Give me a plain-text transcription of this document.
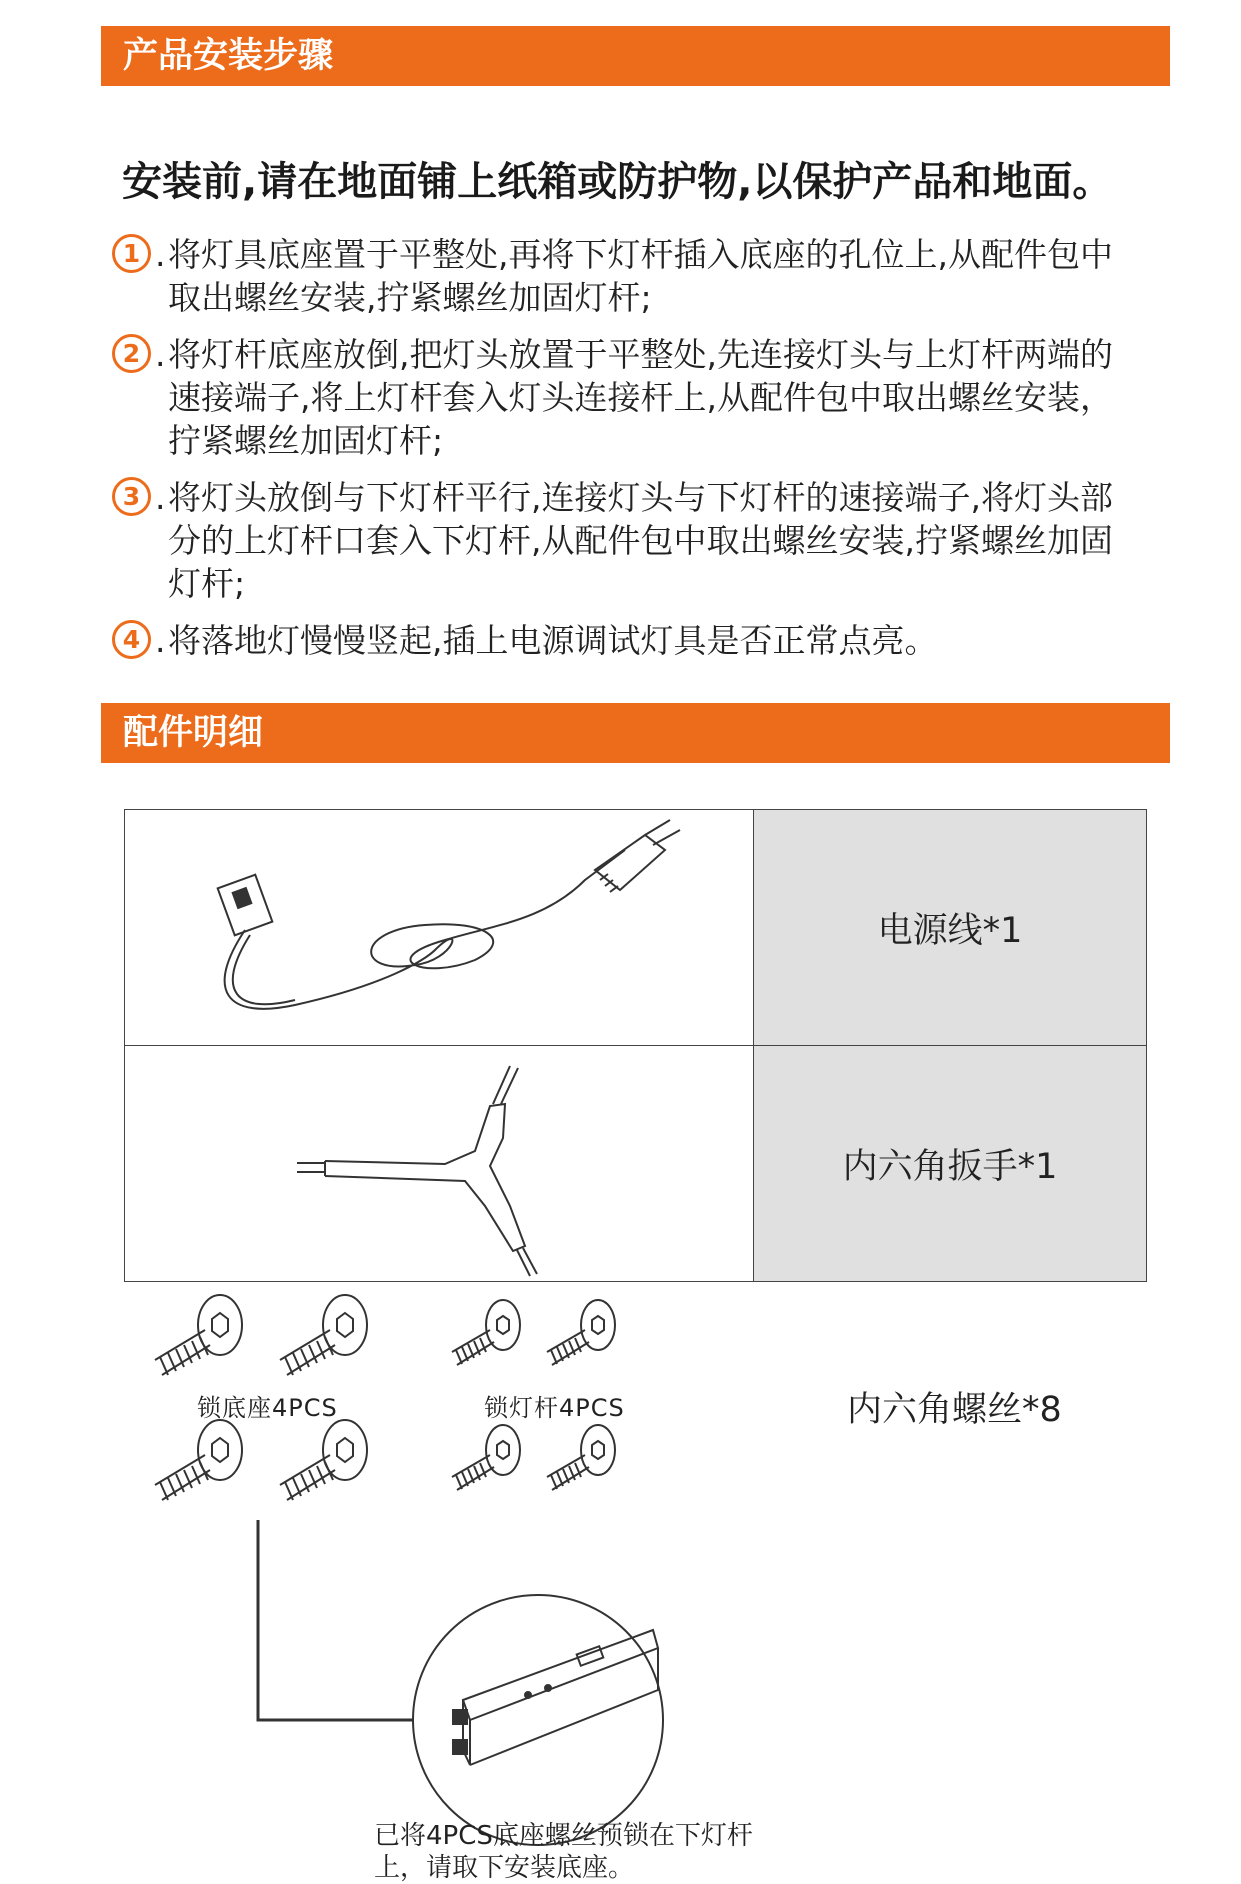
产品安装步骤
安装前,请在地面铺上纸箱或防护物,以保护产品和地面。
1 . 将灯具底座置于平整处,再将下灯杆插入底座的孔位上,从配件包中取出螺丝安装,拧紧螺丝加固灯杆;
2 . 将灯杆底座放倒,把灯头放置于平整处,先连接灯头与上灯杆两端的速接端子,将上灯杆套入灯头连接杆上,从配件包中取出螺丝安装，拧紧螺丝加固灯杆;
3 . 将灯头放倒与下灯杆平行,连接灯头与下灯杆的速接端子,将灯头部分的上灯杆口套入下灯杆,从配件包中取出螺丝安装,拧紧螺丝加固灯杆;
4 . 将落地灯慢慢竖起,插上电源调试灯具是否正常点亮。
配件明细
电源线*1
内六角扳手*1
锁底座4PCS	锁灯杆4PCS	内六角螺丝*8
已将4PCS底座螺丝预锁在下灯杆上，请取下安装底座。
